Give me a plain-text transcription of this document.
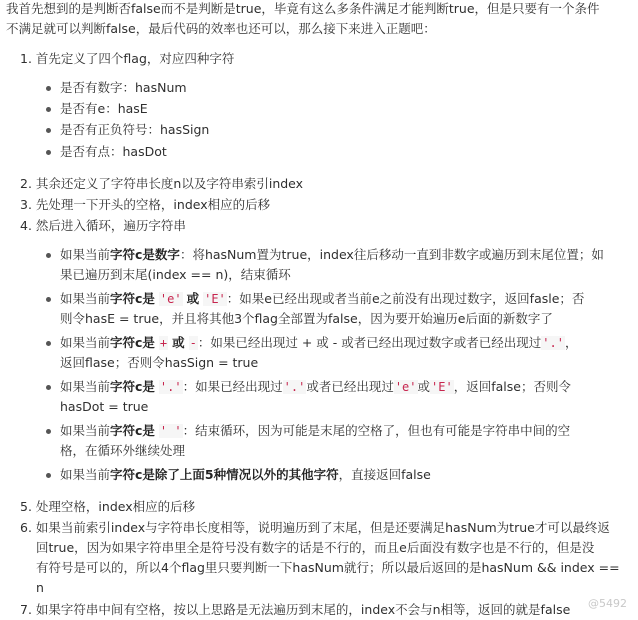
我首先想到的是判断否false而不是判断是true，毕竟有这么多条件满足才能判断true，但是只要有一个条件
不满足就可以判断false，最后代码的效率也还可以，那么接下来进入正题吧：
1. 首先定义了四个flag，对应四种字符
是否有数字：hasNum
是否有e：hasE
是否有正负符号：hasSign
是否有点：hasDot
2. 其余还定义了字符串长度n以及字符串索引index
3. 先处理一下开头的空格，index相应的后移
4. 然后进入循环，遍历字符串
如果当前字符c是数字：将hasNum置为true，index往后移动一直到非数字或遍历到末尾位置；如
果已遍历到末尾(index == n)，结束循环
如果当前字符c是 'e' 或 'E'：如果e已经出现或者当前e之前没有出现过数字，返回fasle；否
则令hasE = true，并且将其他3个flag全部置为false，因为要开始遍历e后面的新数字了
如果当前字符c是 + 或 -：如果已经出现过 + 或 - 或者已经出现过数字或者已经出现过'.'，
返回flase；否则令hasSign = true
如果当前字符c是 '.'：如果已经出现过'.'或者已经出现过'e'或'E'，返回false；否则令
hasDot = true
如果当前字符c是 ' '：结束循环，因为可能是末尾的空格了，但也有可能是字符串中间的空
格，在循环外继续处理
如果当前字符c是除了上面5种情况以外的其他字符，直接返回false
5. 处理空格，index相应的后移
6. 如果当前索引index与字符串长度相等，说明遍历到了末尾，但是还要满足hasNum为true才可以最终返
回true，因为如果字符串里全是符号没有数字的话是不行的，而且e后面没有数字也是不行的，但是没
有符号是可以的，所以4个flag里只要判断一下hasNum就行；所以最后返回的是hasNum && index ==
n
7. 如果字符串中间有空格，按以上思路是无法遍历到末尾的，index不会与n相等，返回的就是false @5492
